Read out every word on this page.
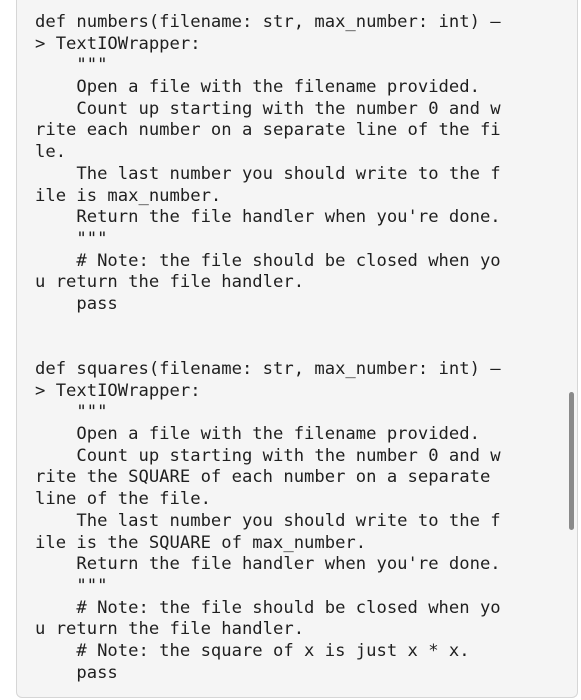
def numbers(filename: str, max_number: int) –
> TextIOWrapper:
"""
Open a file with the filename provided.
Count up starting with the number 0 and w
rite each number on a separate line of the fi
le.
The last number you should write to the f
ile is max_number.
Return the file handler when you're done.
"""
# Note: the file should be closed when yo
u return the file handler.
pass
def squares(filename: str, max_number: int) –
> TextIOWrapper:
"""
Open a file with the filename provided.
Count up starting with the number 0 and w
rite the SQUARE of each number on a separate
line of the file.
The last number you should write to the f
ile is the SQUARE of max_number.
Return the file handler when you're done.
"""
# Note: the file should be closed when yo
u return the file handler.
# Note: the square of x is just x * x.
pass
